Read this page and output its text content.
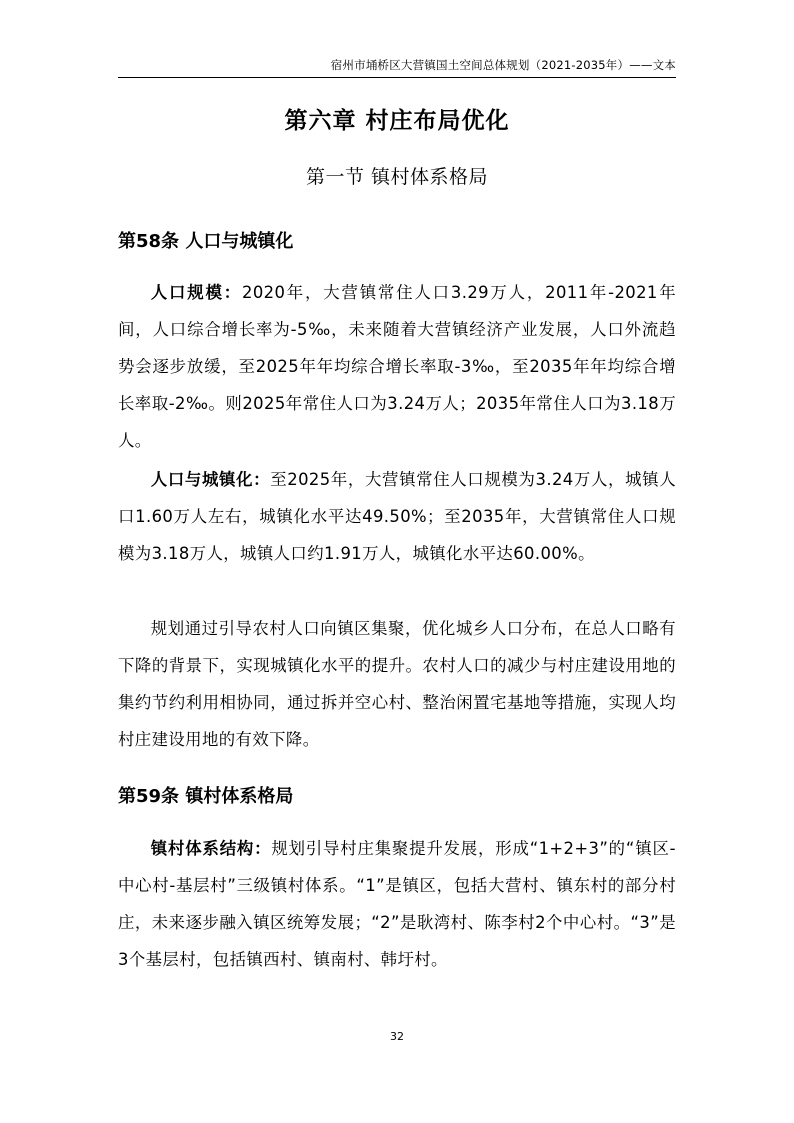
宿州市埇桥区大营镇国土空间总体规划（2021-2035年）——文本
第六章 村庄布局优化
第一节 镇村体系格局
第58条 人口与城镇化

人口规模：2020年，大营镇常住人口3.29万人，2011年-2021年间，人口综合增长率为-5‰，未来随着大营镇经济产业发展，人口外流趋势会逐步放缓，至2025年年均综合增长率取-3‰，至2035年年均综合增长率取-2‰。则2025年常住人口为3.24万人；2035年常住人口为3.18万人。

人口与城镇化：至2025年，大营镇常住人口规模为3.24万人，城镇人口1.60万人左右，城镇化水平达49.50%；至2035年，大营镇常住人口规模为3.18万人，城镇人口约1.91万人，城镇化水平达60.00%。

规划通过引导农村人口向镇区集聚，优化城乡人口分布，在总人口略有下降的背景下，实现城镇化水平的提升。农村人口的减少与村庄建设用地的集约节约利用相协同，通过拆并空心村、整治闲置宅基地等措施，实现人均村庄建设用地的有效下降。

第59条 镇村体系格局

镇村体系结构：规划引导村庄集聚提升发展，形成“1+2+3”的“镇区-中心村-基层村”三级镇村体系。“1”是镇区，包括大营村、镇东村的部分村庄，未来逐步融入镇区统筹发展；“2”是耿湾村、陈李村2个中心村。“3”是3个基层村，包括镇西村、镇南村、韩圩村。

32
